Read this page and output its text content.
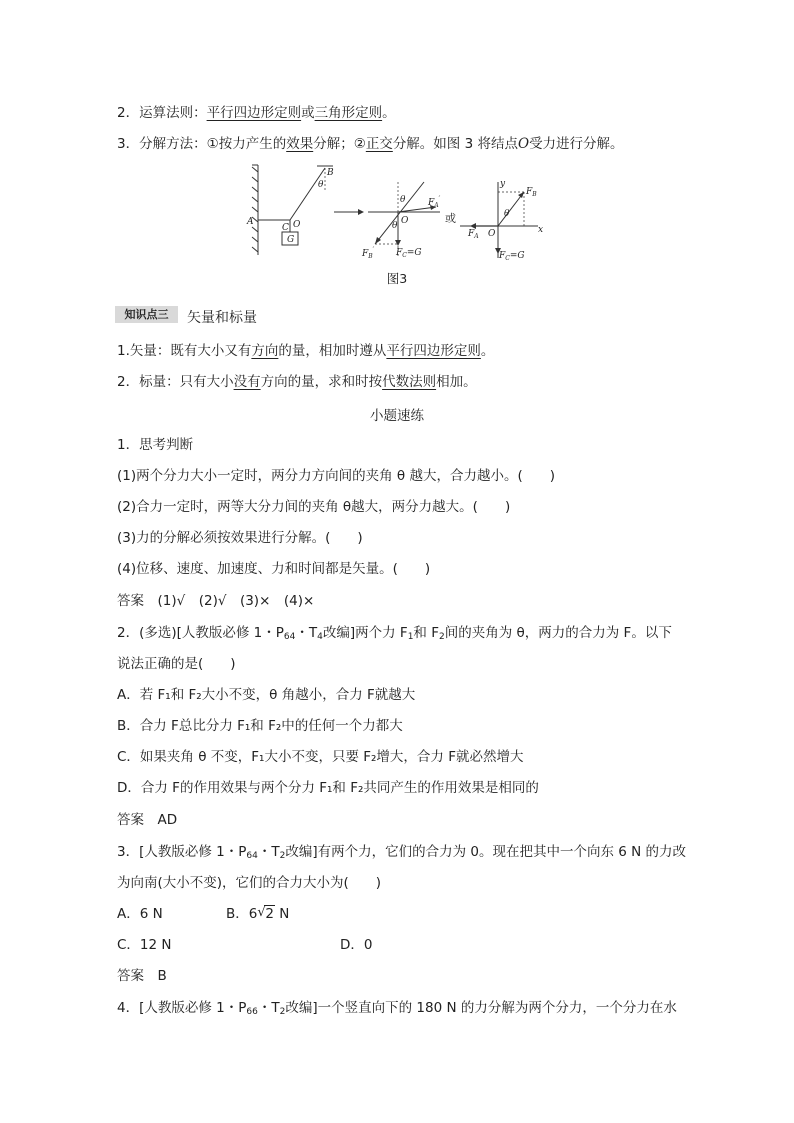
2．运算法则：平行四边形定则或三角形定则。
3．分解方法：①按力产生的效果分解；②正交分解。如图 3 将结点O受力进行分解。
G
A
C O
B
θ
θ
θ O
$F_A'$
$F_B'$ $F_C=G$
或
x
y
θ
O
$F_B$
$F_A$
$F_C=G$
图3
知识点三	矢量和标量
1.矢量：既有大小又有方向的量，相加时遵从平行四边形定则。
2．标量：只有大小没有方向的量，求和时按代数法则相加。
小题速练
1．思考判断
(1)两个分力大小一定时，两分力方向间的夹角 θ 越大，合力越小。(　　)
(2)合力一定时，两等大分力间的夹角 θ越大，两分力越大。(　　)
(3)力的分解必须按效果进行分解。(　　)
(4)位移、速度、加速度、力和时间都是矢量。(　　)
答案　(1)√　(2)√　(3)×　(4)×
2．(多选)[人教版必修 1・$P_{64}$・$T_4$改编]两个力 $F_1$和 $F_2$间的夹角为 θ，两力的合力为 F。以下
说法正确的是(　　)
A．若 F₁和 F₂大小不变，θ 角越小，合力 F就越大
B．合力 F总比分力 F₁和 F₂中的任何一个力都大
C．如果夹角 θ 不变，F₁大小不变，只要 F₂增大，合力 F就必然增大
D．合力 F的作用效果与两个分力 F₁和 F₂共同产生的作用效果是相同的
答案　AD
3．[人教版必修 1・$P_{64}$・$T_2$改编]有两个力，它们的合力为 0。现在把其中一个向东 6 N 的力改
为向南(大小不变)，它们的合力大小为(　　)
A．6 N	B．6 √ 2 N
C．12 N	D．0
答案　B
4．[人教版必修 1・$P_{66}$・$T_2$改编]一个竖直向下的 180 N 的力分解为两个分力，一个分力在水
